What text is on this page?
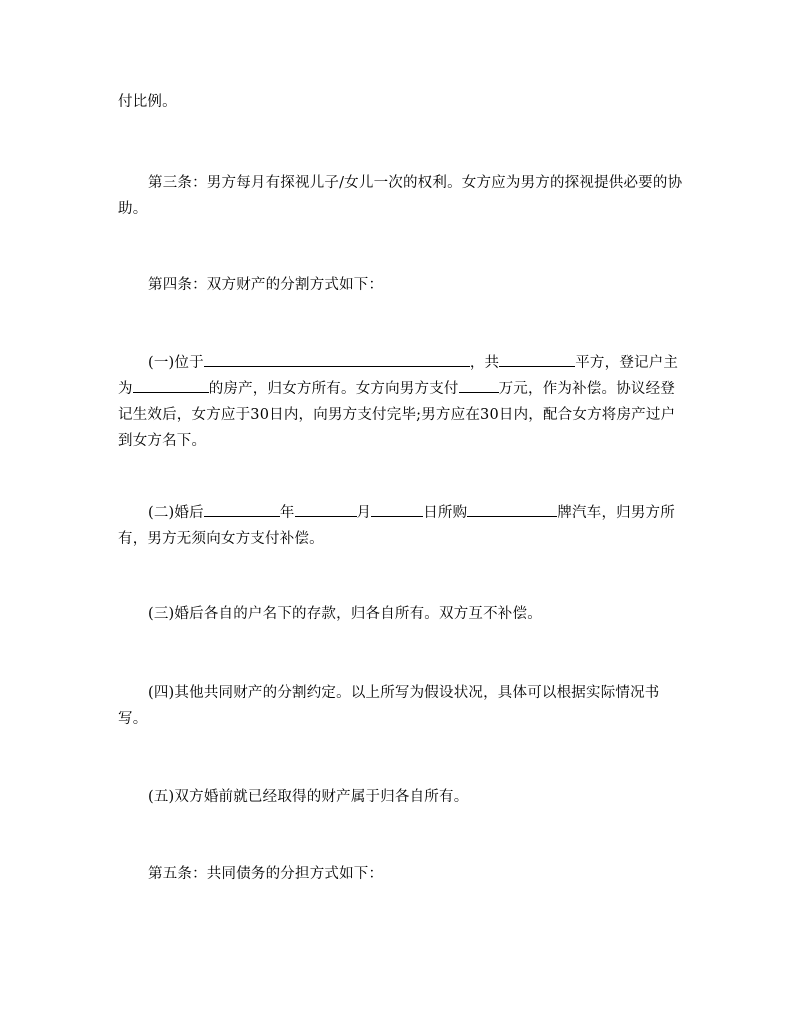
付比例。

第三条：男方每月有探视儿子/女儿一次的权利。女方应为男方的探视提供必要的协助。

第四条：双方财产的分割方式如下：

(一)位于	，共	平方，登记户主为	的房产，归女方所有。女方向男方支付	万元，作为补偿。协议经登记生效后，女方应于30日内，向男方支付完毕;男方应在30日内，配合女方将房产过户到女方名下。

(二)婚后	年	月	日所购	牌汽车，归男方所有，男方无须向女方支付补偿。

(三)婚后各自的户名下的存款，归各自所有。双方互不补偿。

(四)其他共同财产的分割约定。以上所写为假设状况，具体可以根据实际情况书写。

(五)双方婚前就已经取得的财产属于归各自所有。

第五条：共同债务的分担方式如下：
